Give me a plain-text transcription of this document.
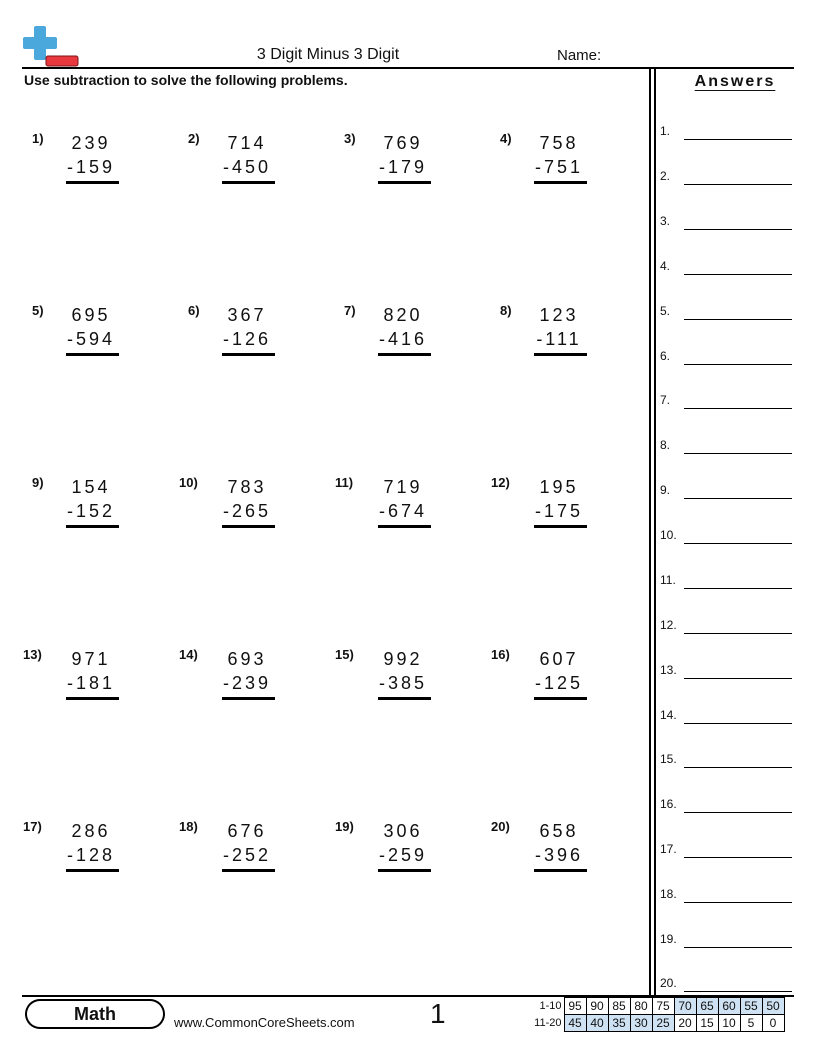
3 Digit Minus 3 Digit	Name:
Use subtraction to solve the following problems.
1)	239
-159
2)	714
-450
3)	769
-179
4)	758
-751
5)	695
-594
6)	367
-126
7)	820
-416
8)	123
-111
9)	154
-152
10)	783
-265
11)	719
-674
12)	195
-175
13)	971
-181
14)	693
-239
15)	992
-385
16)	607
-125
17)	286
-128
18)	676
-252
19)	306
-259
20)	658
-396
Answers
1.
2.
3.
4.
5.
6.
7.
8.
9.
10.
11.
12.
13.
14.
15.
16.
17.
18.
19.
20.
Math	www.CommonCoreSheets.com	1	1-10	95	90	85	80	75	70	65	60	55	50
11-20	45	40	35	30	25	20	15	10	5	0
